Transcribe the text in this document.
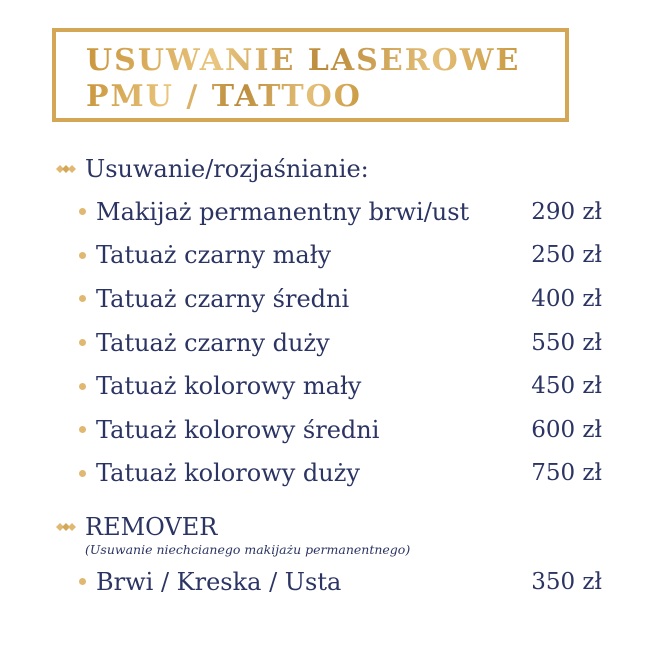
USUWANIE LASEROWE
PMU / TATTOO
Usuwanie/rozjaśnianie:
Makijaż permanentny brwi/ust	290 zł
Tatuaż czarny mały	250 zł
Tatuaż czarny średni	400 zł
Tatuaż czarny duży	550 zł
Tatuaż kolorowy mały	450 zł
Tatuaż kolorowy średni	600 zł
Tatuaż kolorowy duży	750 zł
REMOVER
(Usuwanie niechcianego makijażu permanentnego)
Brwi / Kreska / Usta	350 zł
